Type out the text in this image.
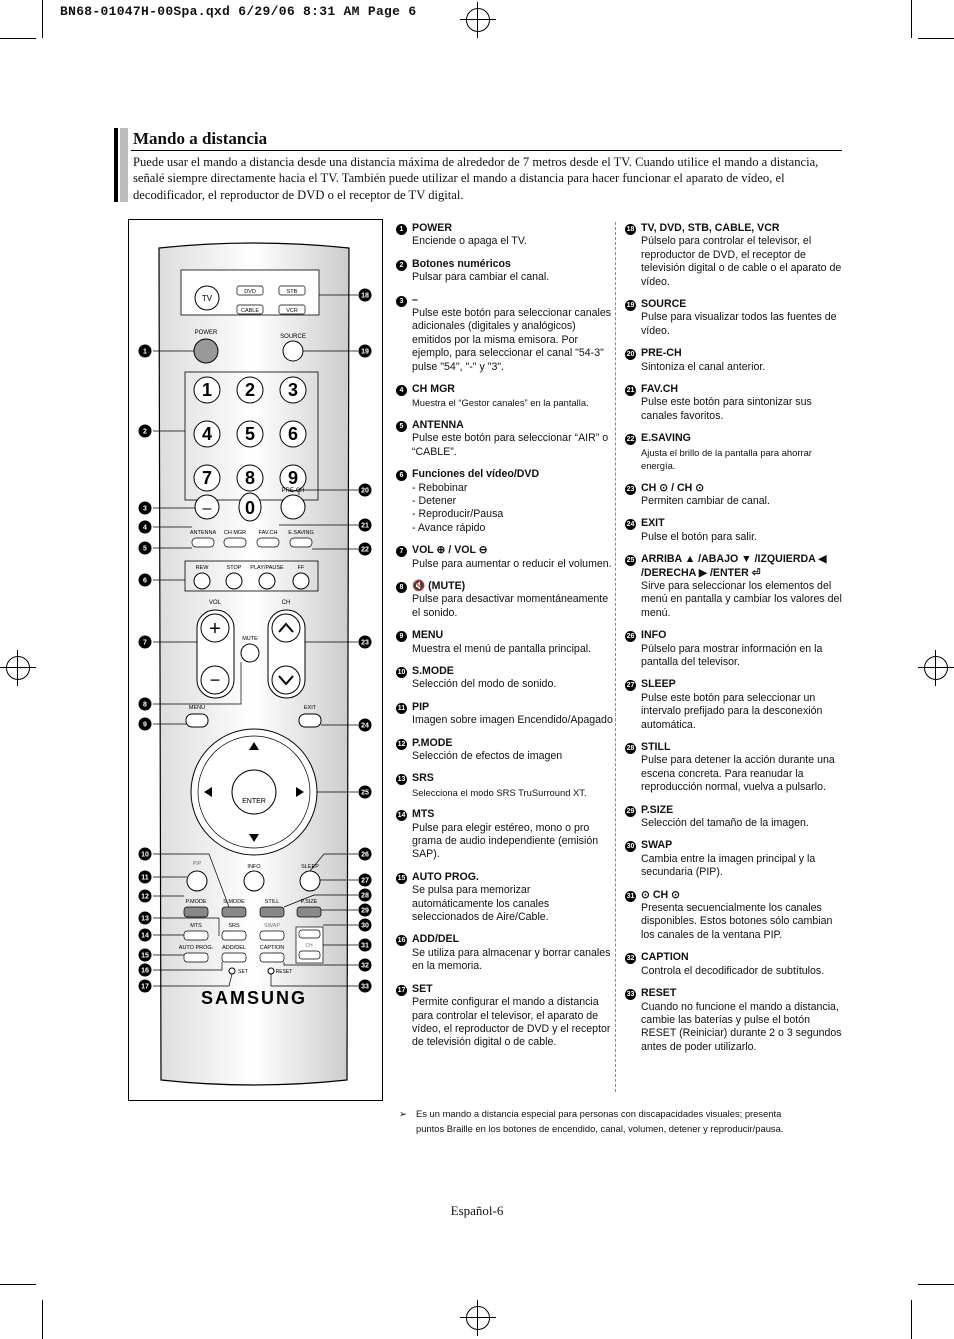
BN68-01047H-00Spa.qxd 6/29/06 8:31 AM Page 6
Mando a distancia
Puede usar el mando a distancia desde una distancia máxima de alrededor de 7 metros desde el TV. Cuando utilice el mando a distancia, señalé siempre directamente hacia el TV. También puede utilizar el mando a distancia para hacer funcionar el aparato de vídeo, el decodificador, el reproductor de DVD o el receptor de TV digital.
TV
DVD	STB
CABLE	VCR
POWER
SOURCE
1 2 3
4 5 6
7 8 9
– 0
PRE-CH
ANTENNA CH MGR FAV.CH E.SAVING
REW	STOP PLAY/PAUSE	FF
VOL
+
−
CH
MUTE
MENU	EXIT
ENTER
PIP	INFO	SLEEP
P.MODE	S.MODE	STILL	P.SIZE
MTS	SRS	SWAP
AUTO PROG. ADD/DEL	CAPTION	CH
SET	RESET
SAMSUNG
1
2
3
4
5
6
7
8
9
10
11
12
13
14
15
16
17
18
19
20
21
22
23
24
25
26
27
28
29
30
31
32
33
1 POWER
Enciende o apaga el TV.
2 Botones numéricos
Pulsar para cambiar el canal.
3 –
Pulse este botón para seleccionar canales adicionales (digitales y analógicos) emitidos por la misma emisora. Por ejemplo, para seleccionar el canal "54-3" pulse "54", "-" y "3".
4 CH MGR
Muestra el “Gestor canales” en la pantalla.
5 ANTENNA
Pulse este botón para seleccionar “AIR” o “CABLE”.
6 Funciones del vídeo/DVD
- Rebobinar
- Detener
- Reproducir/Pausa
- Avance rápido
7 VOL ⊕ / VOL ⊖
Pulse para aumentar o reducir el volumen.
8 🔇 (MUTE)
Pulse para desactivar momentáneamente el sonido.
9 MENU
Muestra el menú de pantalla principal.
10 S.MODE
Selección del modo de sonido.
11 PIP
Imagen sobre imagen Encendido/Apagado
12 P.MODE
Selección de efectos de imagen
13 SRS
Selecciona el modo SRS TruSurround XT.
14 MTS
Pulse para elegir estéreo, mono o pro grama de audio independiente (emisión SAP).
15 AUTO PROG.
Se pulsa para memorizar automáticamente los canales seleccionados de Aire/Cable.
16 ADD/DEL
Se utiliza para almacenar y borrar canales en la memoria.
17 SET
Permite configurar el mando a distancia para controlar el televisor, el aparato de vídeo, el reproductor de DVD y el receptor de televisión digital o de cable.
18 TV, DVD, STB, CABLE, VCR
Púlselo para controlar el televisor, el reproductor de DVD, el receptor de televisión digital o de cable o el aparato de vídeo.
19 SOURCE
Pulse para visualizar todos las fuentes de vídeo.
20 PRE-CH
Sintoniza el canal anterior.
21 FAV.CH
Pulse este botón para sintonizar sus canales favoritos.
22 E.SAVING
Ajusta el brillo de la pantalla para ahorrar energía.
23 CH ⊙ / CH ⊙
Permiten cambiar de canal.
24 EXIT
Pulse el botón para salir.
25 ARRIBA ▲ /ABAJO ▼ /IZQUIERDA ◀ /DERECHA ▶ /ENTER ⏎
Sirve para seleccionar los elementos del menú en pantalla y cambiar los valores del menú.
26 INFO
Púlselo para mostrar información en la pantalla del televisor.
27 SLEEP
Pulse este botón para seleccionar un intervalo prefijado para la desconexión automática.
28 STILL
Pulse para detener la acción durante una escena concreta. Para reanudar la reproducción normal, vuelva a pulsarlo.
29 P.SIZE
Selección del tamaño de la imagen.
30 SWAP
Cambia entre la imagen principal y la secundaria (PIP).
31 ⊙ CH ⊙
Presenta secuencialmente los canales disponibles. Estos botones sólo cambian los canales de la ventana PIP.
32 CAPTION
Controla el decodificador de subtítulos.
33 RESET
Cuando no funcione el mando a distancia, cambie las baterías y pulse el botón RESET (Reiniciar) durante 2 o 3 segundos antes de poder utilizarlo.
➢ Es un mando a distancia especial para personas con discapacidades visuales; presenta puntos Braille en los botones de encendido, canal, volumen, detener y reproducir/pausa.
Español-6
